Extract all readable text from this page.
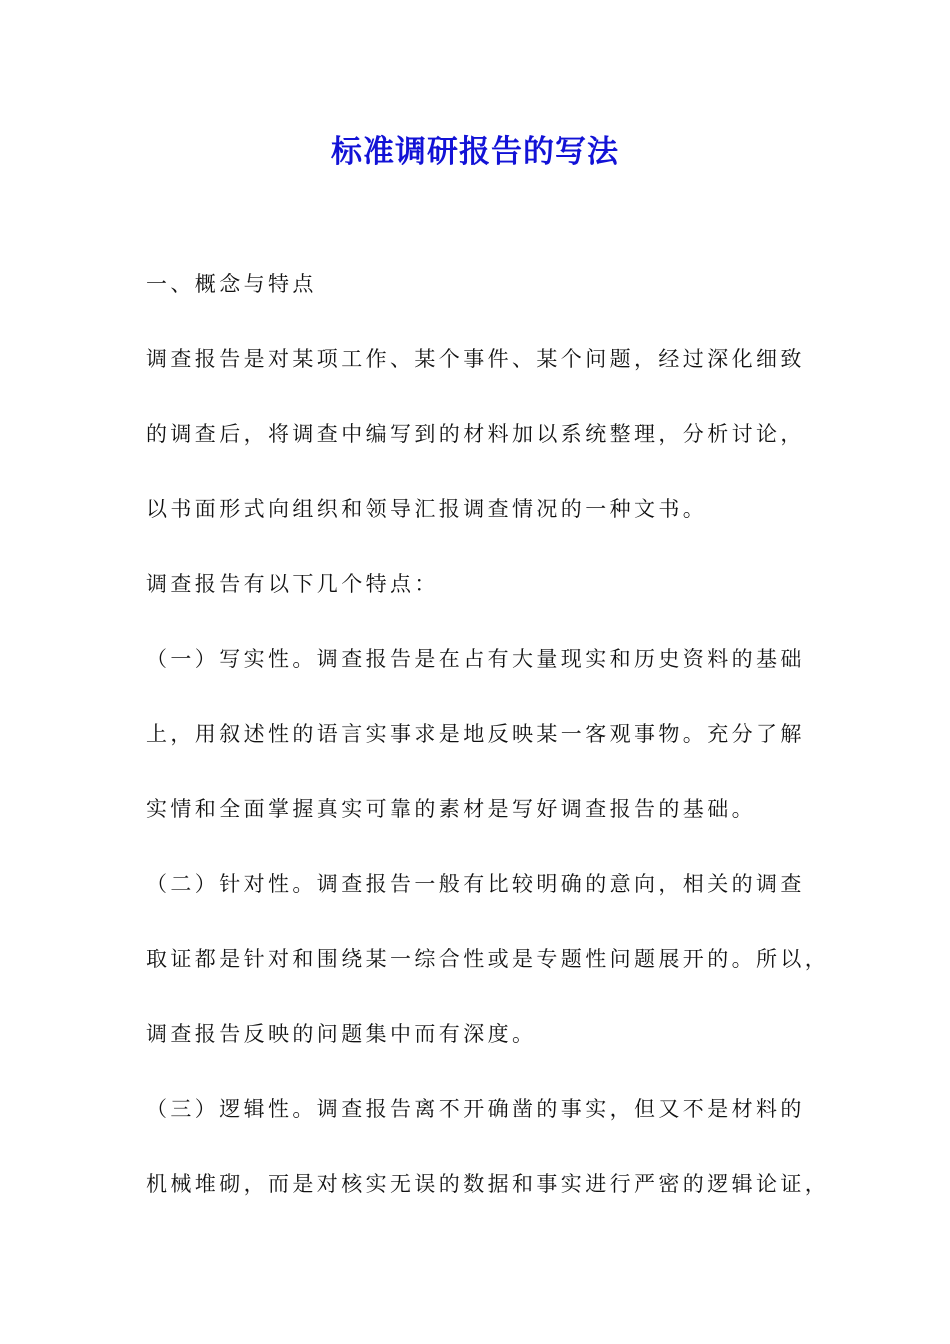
标准调研报告的写法
一、概念与特点
调查报告是对某项工作、某个事件、某个问题，经过深化细致
的调查后，将调查中编写到的材料加以系统整理，分析讨论，
以书面形式向组织和领导汇报调查情况的一种文书。
调查报告有以下几个特点：
（一）写实性。调查报告是在占有大量现实和历史资料的基础
上，用叙述性的语言实事求是地反映某一客观事物。充分了解
实情和全面掌握真实可靠的素材是写好调查报告的基础。
（二）针对性。调查报告一般有比较明确的意向，相关的调查
取证都是针对和围绕某一综合性或是专题性问题展开的。所以，
调查报告反映的问题集中而有深度。
（三）逻辑性。调查报告离不开确凿的事实，但又不是材料的
机械堆砌，而是对核实无误的数据和事实进行严密的逻辑论证，
